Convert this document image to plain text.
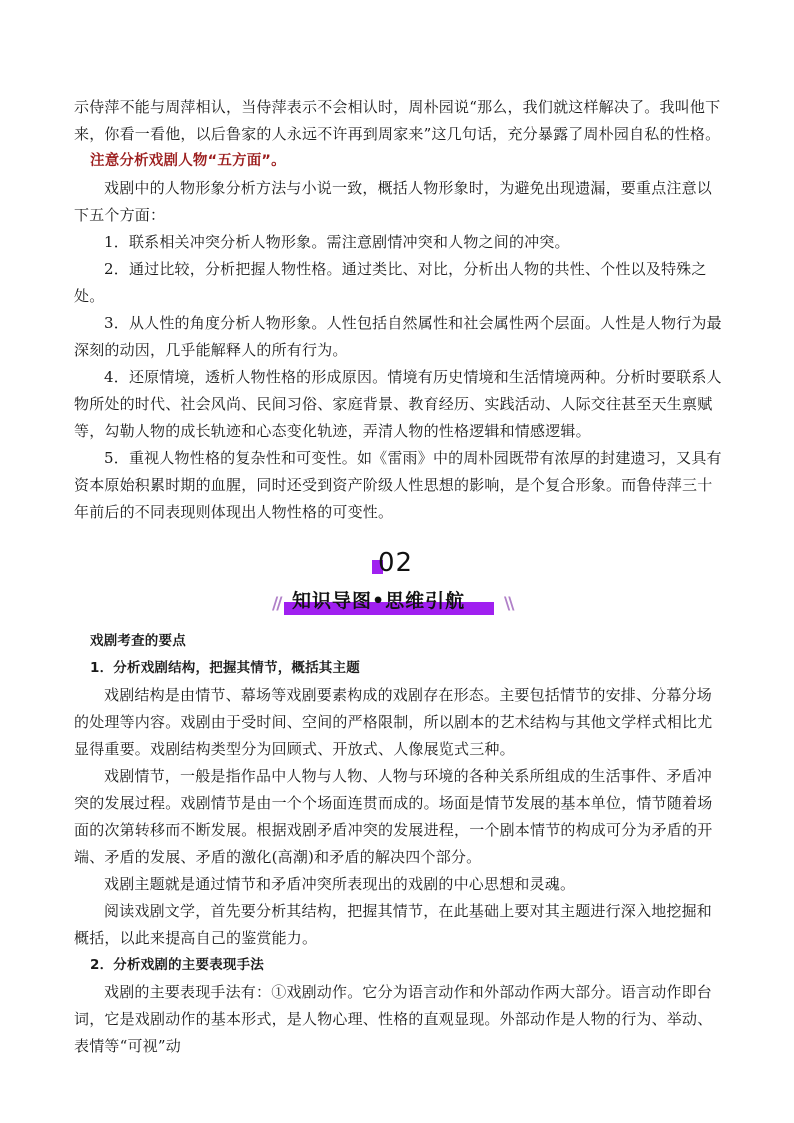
示侍萍不能与周萍相认，当侍萍表示不会相认时，周朴园说“那么，我们就这样解决了。我叫他下来，你看一看他，以后鲁家的人永远不许再到周家来”这几句话，充分暴露了周朴园自私的性格。

注意分析戏剧人物“五方面”。

戏剧中的人物形象分析方法与小说一致，概括人物形象时，为避免出现遗漏，要重点注意以下五个方面：

1．联系相关冲突分析人物形象。需注意剧情冲突和人物之间的冲突。

2．通过比较，分析把握人物性格。通过类比、对比，分析出人物的共性、个性以及特殊之处。

3．从人性的角度分析人物形象。人性包括自然属性和社会属性两个层面。人性是人物行为最深刻的动因，几乎能解释人的所有行为。

4．还原情境，透析人物性格的形成原因。情境有历史情境和生活情境两种。分析时要联系人物所处的时代、社会风尚、民间习俗、家庭背景、教育经历、实践活动、人际交往甚至天生禀赋等，勾勒人物的成长轨迹和心态变化轨迹，弄清人物的性格逻辑和情感逻辑。

5．重视人物性格的复杂性和可变性。如《雷雨》中的周朴园既带有浓厚的封建遗习，又具有资本原始积累时期的血腥，同时还受到资产阶级人性思想的影响，是个复合形象。而鲁侍萍三十年前后的不同表现则体现出人物性格的可变性。

02
// 知识导图•思维引航 \\

戏剧考查的要点

1．分析戏剧结构，把握其情节，概括其主题

戏剧结构是由情节、幕场等戏剧要素构成的戏剧存在形态。主要包括情节的安排、分幕分场的处理等内容。戏剧由于受时间、空间的严格限制，所以剧本的艺术结构与其他文学样式相比尤显得重要。戏剧结构类型分为回顾式、开放式、人像展览式三种。

戏剧情节，一般是指作品中人物与人物、人物与环境的各种关系所组成的生活事件、矛盾冲突的发展过程。戏剧情节是由一个个场面连贯而成的。场面是情节发展的基本单位，情节随着场面的次第转移而不断发展。根据戏剧矛盾冲突的发展进程，一个剧本情节的构成可分为矛盾的开端、矛盾的发展、矛盾的激化(高潮)和矛盾的解决四个部分。

戏剧主题就是通过情节和矛盾冲突所表现出的戏剧的中心思想和灵魂。

阅读戏剧文学，首先要分析其结构，把握其情节，在此基础上要对其主题进行深入地挖掘和概括，以此来提高自己的鉴赏能力。

2．分析戏剧的主要表现手法

戏剧的主要表现手法有：①戏剧动作。它分为语言动作和外部动作两大部分。语言动作即台词，它是戏剧动作的基本形式，是人物心理、性格的直观显现。外部动作是人物的行为、举动、表情等“可视”动
